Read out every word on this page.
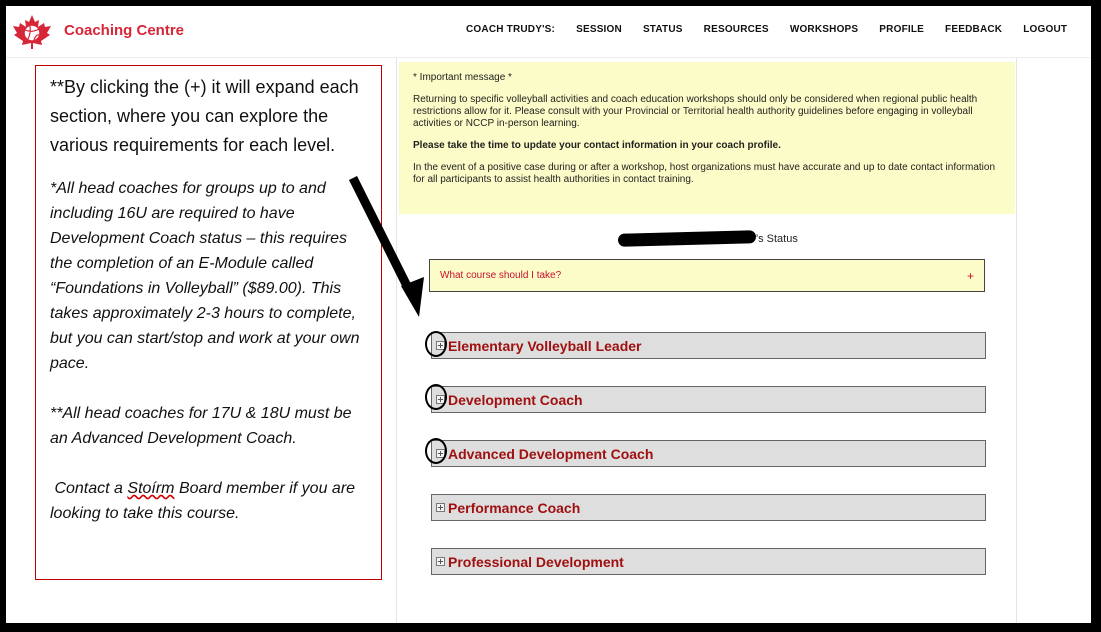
Coaching Centre	COACH TRUDY'S: SESSION STATUS RESOURCES WORKSHOPS PROFILE FEEDBACK LOGOUT

* Important message *

Returning to specific volleyball activities and coach education workshops should only be considered when regional public health restrictions allow for it. Please consult with your Provincial or Territorial health authority guidelines before engaging in volleyball activities or NCCP in-person learning.

Please take the time to update your contact information in your coach profile.

In the event of a positive case during or after a workshop, host organizations must have accurate and up to date contact information for all participants to assist health authorities in contact training.

's Status
What course should I take?	+
Elementary Volleyball Leader
Development Coach
Advanced Development Coach
Performance Coach
Professional Development

**By clicking the (+) it will expand each section, where you can explore the various requirements for each level.

*All head coaches for groups up to and including 16U are required to have Development Coach status – this requires the completion of an E-Module called “Foundations in Volleyball” ($89.00). This takes approximately 2-3 hours to complete, but you can start/stop and work at your own pace.

**All head coaches for 17U & 18U must be an Advanced Development Coach.

Contact a Stoírm Board member if you are looking to take this course.
